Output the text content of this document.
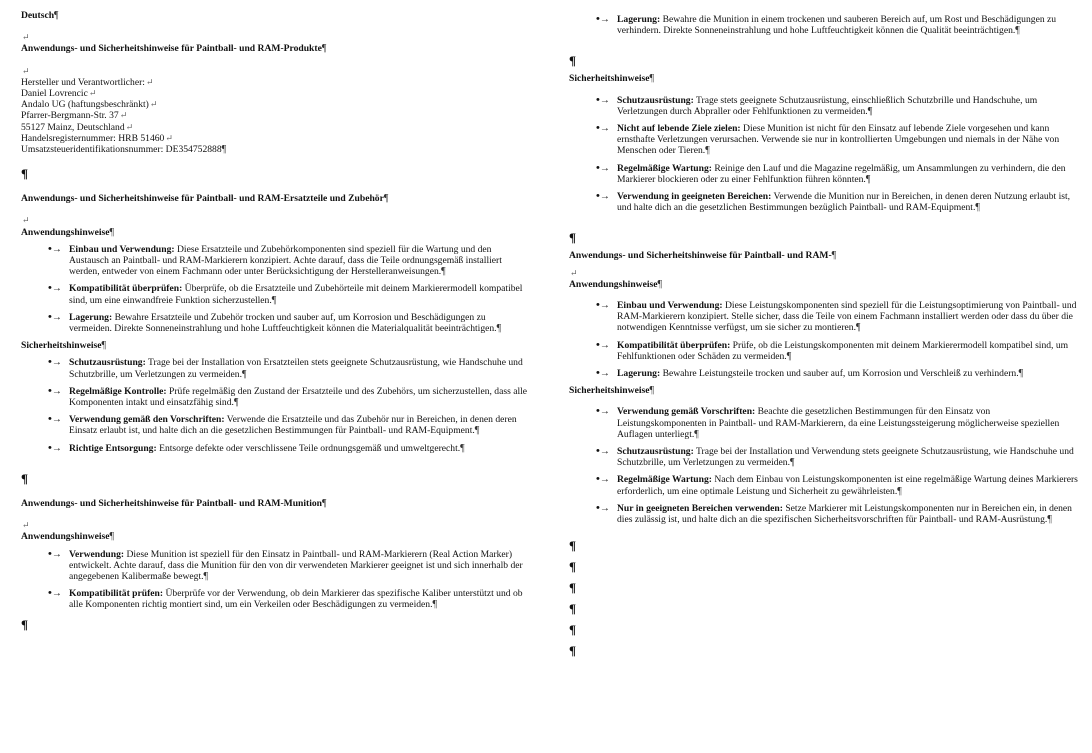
Deutsch¶

↵

Anwendungs- und Sicherheitshinweise für Paintball- und RAM-Produkte¶

↵

Hersteller und Verantwortlicher:↵

Daniel Lovrencic↵

Andalo UG (haftungsbeschränkt)↵

Pfarrer-Bergmann-Str. 37↵

55127 Mainz, Deutschland↵

Handelsregisternummer: HRB 51460↵

Umsatzsteueridentifikationsnummer: DE354752888¶

¶

Anwendungs- und Sicherheitshinweise für Paintball- und RAM-Ersatzteile und Zubehör¶

↵

Anwendungshinweise¶

•→ Einbau und Verwendung: Diese Ersatzteile und Zubehörkomponenten sind speziell für die Wartung und den Austausch an Paintball- und RAM-Markierern konzipiert. Achte darauf, dass die Teile ordnungsgemäß installiert werden, entweder von einem Fachmann oder unter Berücksichtigung der Herstelleranweisungen.¶
•→ Kompatibilität überprüfen: Überprüfe, ob die Ersatzteile und Zubehörteile mit deinem Markierermodell kompatibel sind, um eine einwandfreie Funktion sicherzustellen.¶
•→ Lagerung: Bewahre Ersatzteile und Zubehör trocken und sauber auf, um Korrosion und Beschädigungen zu vermeiden. Direkte Sonneneinstrahlung und hohe Luftfeuchtigkeit können die Materialqualität beeinträchtigen.¶

Sicherheitshinweise¶

•→ Schutzausrüstung: Trage bei der Installation von Ersatzteilen stets geeignete Schutzausrüstung, wie Handschuhe und Schutzbrille, um Verletzungen zu vermeiden.¶
•→ Regelmäßige Kontrolle: Prüfe regelmäßig den Zustand der Ersatzteile und des Zubehörs, um sicherzustellen, dass alle Komponenten intakt und einsatzfähig sind.¶
•→ Verwendung gemäß den Vorschriften: Verwende die Ersatzteile und das Zubehör nur in Bereichen, in denen deren Einsatz erlaubt ist, und halte dich an die gesetzlichen Bestimmungen für Paintball- und RAM-Equipment.¶
•→ Richtige Entsorgung: Entsorge defekte oder verschlissene Teile ordnungsgemäß und umweltgerecht.¶

¶

Anwendungs- und Sicherheitshinweise für Paintball- und RAM-Munition¶

↵

Anwendungshinweise¶

•→ Verwendung: Diese Munition ist speziell für den Einsatz in Paintball- und RAM-Markierern (Real Action Marker) entwickelt. Achte darauf, dass die Munition für den von dir verwendeten Markierer geeignet ist und sich innerhalb der angegebenen Kalibermaße bewegt.¶
•→ Kompatibilität prüfen: Überprüfe vor der Verwendung, ob dein Markierer das spezifische Kaliber unterstützt und ob alle Komponenten richtig montiert sind, um ein Verkeilen oder Beschädigungen zu vermeiden.¶

¶

•→ Lagerung: Bewahre die Munition in einem trockenen und sauberen Bereich auf, um Rost und Beschädigungen zu verhindern. Direkte Sonneneinstrahlung und hohe Luftfeuchtigkeit können die Qualität beeinträchtigen.¶

¶

Sicherheitshinweise¶

•→ Schutzausrüstung: Trage stets geeignete Schutzausrüstung, einschließlich Schutzbrille und Handschuhe, um Verletzungen durch Abpraller oder Fehlfunktionen zu vermeiden.¶
•→ Nicht auf lebende Ziele zielen: Diese Munition ist nicht für den Einsatz auf lebende Ziele vorgesehen und kann ernsthafte Verletzungen verursachen. Verwende sie nur in kontrollierten Umgebungen und niemals in der Nähe von Menschen oder Tieren.¶
•→ Regelmäßige Wartung: Reinige den Lauf und die Magazine regelmäßig, um Ansammlungen zu verhindern, die den Markierer blockieren oder zu einer Fehlfunktion führen könnten.¶
•→ Verwendung in geeigneten Bereichen: Verwende die Munition nur in Bereichen, in denen deren Nutzung erlaubt ist, und halte dich an die gesetzlichen Bestimmungen bezüglich Paintball- und RAM-Equipment.¶

¶

Anwendungs- und Sicherheitshinweise für Paintball- und RAM-¶

↵

Anwendungshinweise¶

•→ Einbau und Verwendung: Diese Leistungskomponenten sind speziell für die Leistungsoptimierung von Paintball- und RAM-Markierern konzipiert. Stelle sicher, dass die Teile von einem Fachmann installiert werden oder dass du über die notwendigen Kenntnisse verfügst, um sie sicher zu montieren.¶
•→ Kompatibilität überprüfen: Prüfe, ob die Leistungskomponenten mit deinem Markierermodell kompatibel sind, um Fehlfunktionen oder Schäden zu vermeiden.¶
•→ Lagerung: Bewahre Leistungsteile trocken und sauber auf, um Korrosion und Verschleiß zu verhindern.¶

Sicherheitshinweise¶

•→ Verwendung gemäß Vorschriften: Beachte die gesetzlichen Bestimmungen für den Einsatz von Leistungskomponenten in Paintball- und RAM-Markierern, da eine Leistungssteigerung möglicherweise speziellen Auflagen unterliegt.¶
•→ Schutzausrüstung: Trage bei der Installation und Verwendung stets geeignete Schutzausrüstung, wie Handschuhe und Schutzbrille, um Verletzungen zu vermeiden.¶
•→ Regelmäßige Wartung: Nach dem Einbau von Leistungskomponenten ist eine regelmäßige Wartung deines Markierers erforderlich, um eine optimale Leistung und Sicherheit zu gewährleisten.¶
•→ Nur in geeigneten Bereichen verwenden: Setze Markierer mit Leistungskomponenten nur in Bereichen ein, in denen dies zulässig ist, und halte dich an die spezifischen Sicherheitsvorschriften für Paintball- und RAM-Ausrüstung.¶

¶

¶

¶

¶

¶

¶
